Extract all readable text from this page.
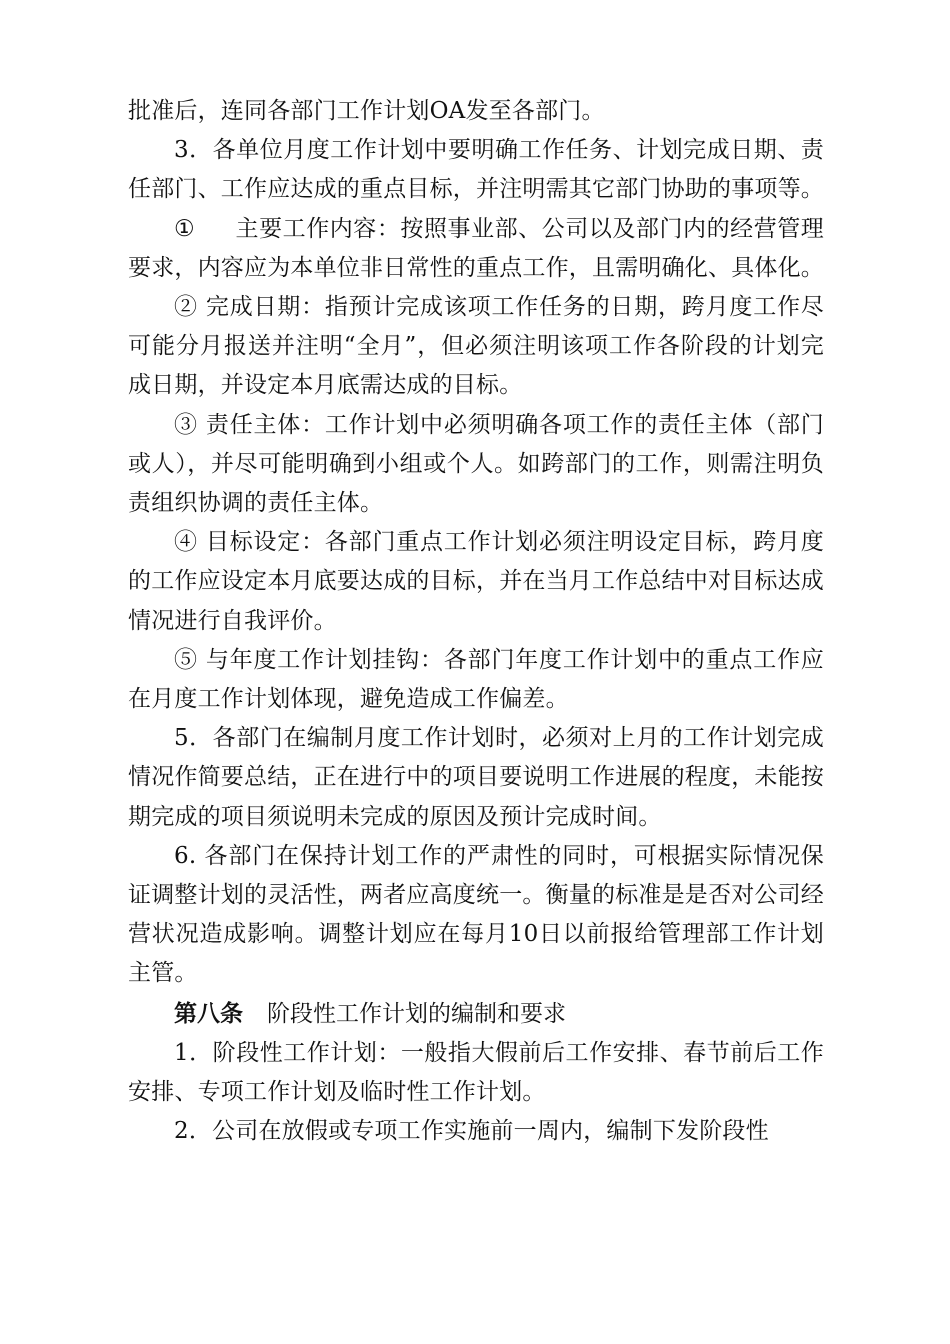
批准后，连同各部门工作计划OA发至各部门。

3．各单位月度工作计划中要明确工作任务、计划完成日期、责任部门、工作应达成的重点目标，并注明需其它部门协助的事项等。

① 主要工作内容：按照事业部、公司以及部门内的经营管理要求，内容应为本单位非日常性的重点工作，且需明确化、具体化。

② 完成日期：指预计完成该项工作任务的日期，跨月度工作尽可能分月报送并注明“全月”，但必须注明该项工作各阶段的计划完成日期，并设定本月底需达成的目标。

③ 责任主体：工作计划中必须明确各项工作的责任主体（部门或人），并尽可能明确到小组或个人。如跨部门的工作，则需注明负责组织协调的责任主体。

④ 目标设定：各部门重点工作计划必须注明设定目标，跨月度的工作应设定本月底要达成的目标，并在当月工作总结中对目标达成情况进行自我评价。

⑤ 与年度工作计划挂钩：各部门年度工作计划中的重点工作应在月度工作计划体现，避免造成工作偏差。

5．各部门在编制月度工作计划时，必须对上月的工作计划完成情况作简要总结，正在进行中的项目要说明工作进展的程度，未能按期完成的项目须说明未完成的原因及预计完成时间。

6. 各部门在保持计划工作的严肃性的同时，可根据实际情况保证调整计划的灵活性，两者应高度统一。衡量的标准是是否对公司经营状况造成影响。调整计划应在每月10日以前报给管理部工作计划主管。

第八条 阶段性工作计划的编制和要求

1．阶段性工作计划：一般指大假前后工作安排、春节前后工作安排、专项工作计划及临时性工作计划。

2．公司在放假或专项工作实施前一周内，编制下发阶段性
